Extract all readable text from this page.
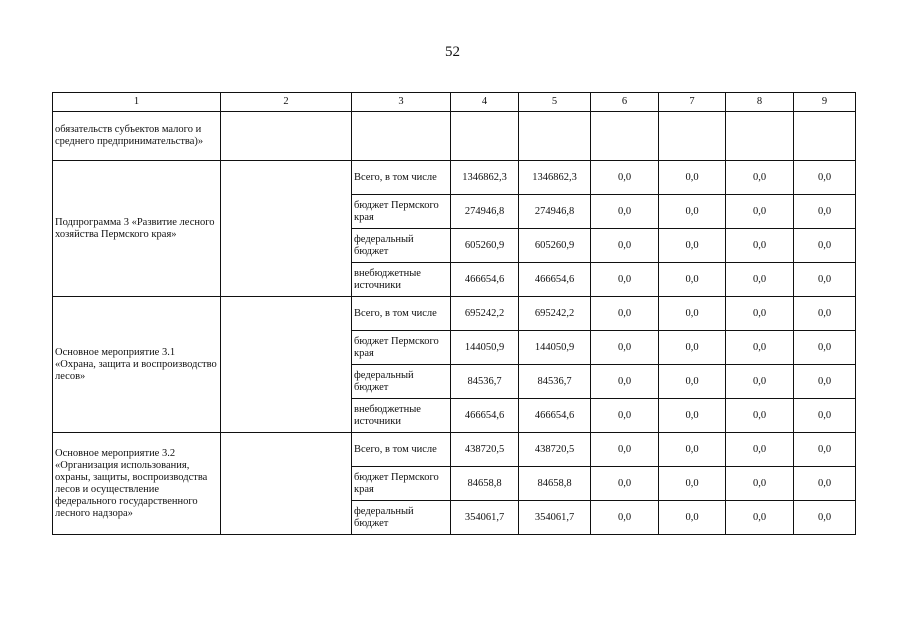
52
1	2	3	4	5	6	7	8	9
обязательств субъектов малого и среднего предпринимательства)»								
Подпрограмма 3 «Развитие лесного хозяйства Пермского края»		Всего, в том числе	1346862,3	1346862,3	0,0	0,0	0,0	0,0
		бюджет Пермского края	274946,8	274946,8	0,0	0,0	0,0	0,0
		федеральный бюджет	605260,9	605260,9	0,0	0,0	0,0	0,0
		внебюджетные источники	466654,6	466654,6	0,0	0,0	0,0	0,0
Основное мероприятие 3.1 «Охрана, защита и воспроизводство лесов»		Всего, в том числе	695242,2	695242,2	0,0	0,0	0,0	0,0
		бюджет Пермского края	144050,9	144050,9	0,0	0,0	0,0	0,0
		федеральный бюджет	84536,7	84536,7	0,0	0,0	0,0	0,0
		внебюджетные источники	466654,6	466654,6	0,0	0,0	0,0	0,0
Основное мероприятие 3.2 «Организация использования, охраны, защиты, воспроизводства лесов и осуществление федерального государственного лесного надзора»		Всего, в том числе	438720,5	438720,5	0,0	0,0	0,0	0,0
		бюджет Пермского края	84658,8	84658,8	0,0	0,0	0,0	0,0
		федеральный бюджет	354061,7	354061,7	0,0	0,0	0,0	0,0
